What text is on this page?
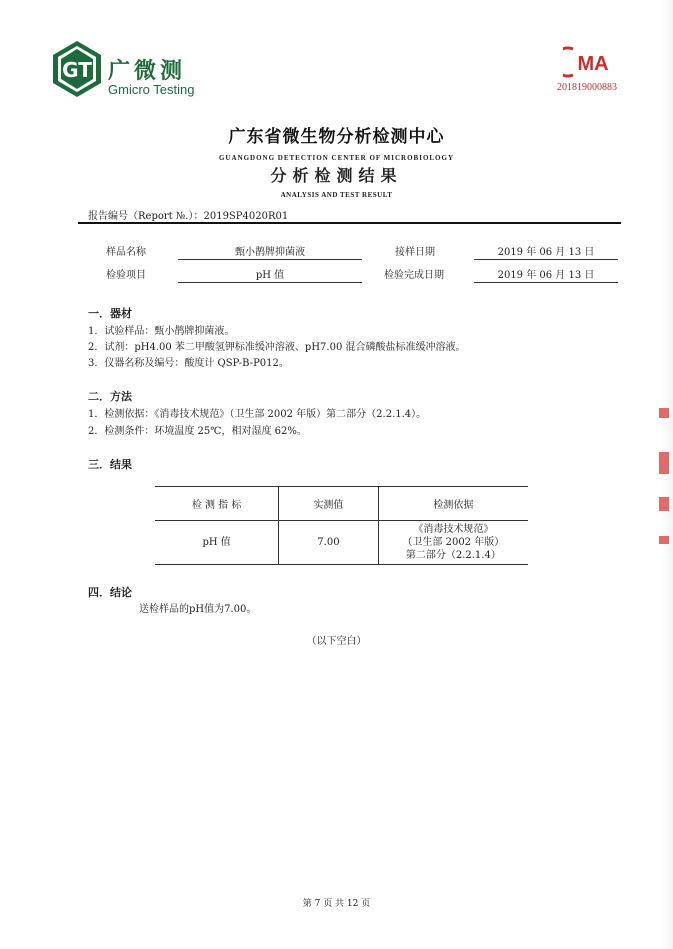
GT 广微测
Gmicro Testing
MA
201819000883
广东省微生物分析检测中心
GUANGDONG DETECTION CENTER OF MICROBIOLOGY
分析检测结果
ANALYSIS AND TEST RESULT
报告编号（Report №.）：2019SP4020R01
样品名称	甄小鹊牌抑菌液	接样日期	2019 年 06 月 13 日
检验项目	pH 值	检验完成日期	2019 年 06 月 13 日
一．器材
1．试验样品：甄小鹊牌抑菌液。
2．试剂：pH4.00 苯二甲酸氢钾标准缓冲溶液、pH7.00 混合磷酸盐标准缓冲溶液。
3．仪器名称及编号：酸度计 QSP-B-P012。
二．方法
1．检测依据：《消毒技术规范》（卫生部 2002 年版）第二部分（2.2.1.4）。
2．检测条件：环境温度 25℃，相对湿度 62%。
三．结果
检 测 指 标	实测值	检测依据
pH 值	7.00	《消毒技术规范》
（卫生部 2002 年版）
第二部分（2.2.1.4）
四．结论
送检样品的pH值为7.00。
（以下空白）
第 7 页 共 12 页
